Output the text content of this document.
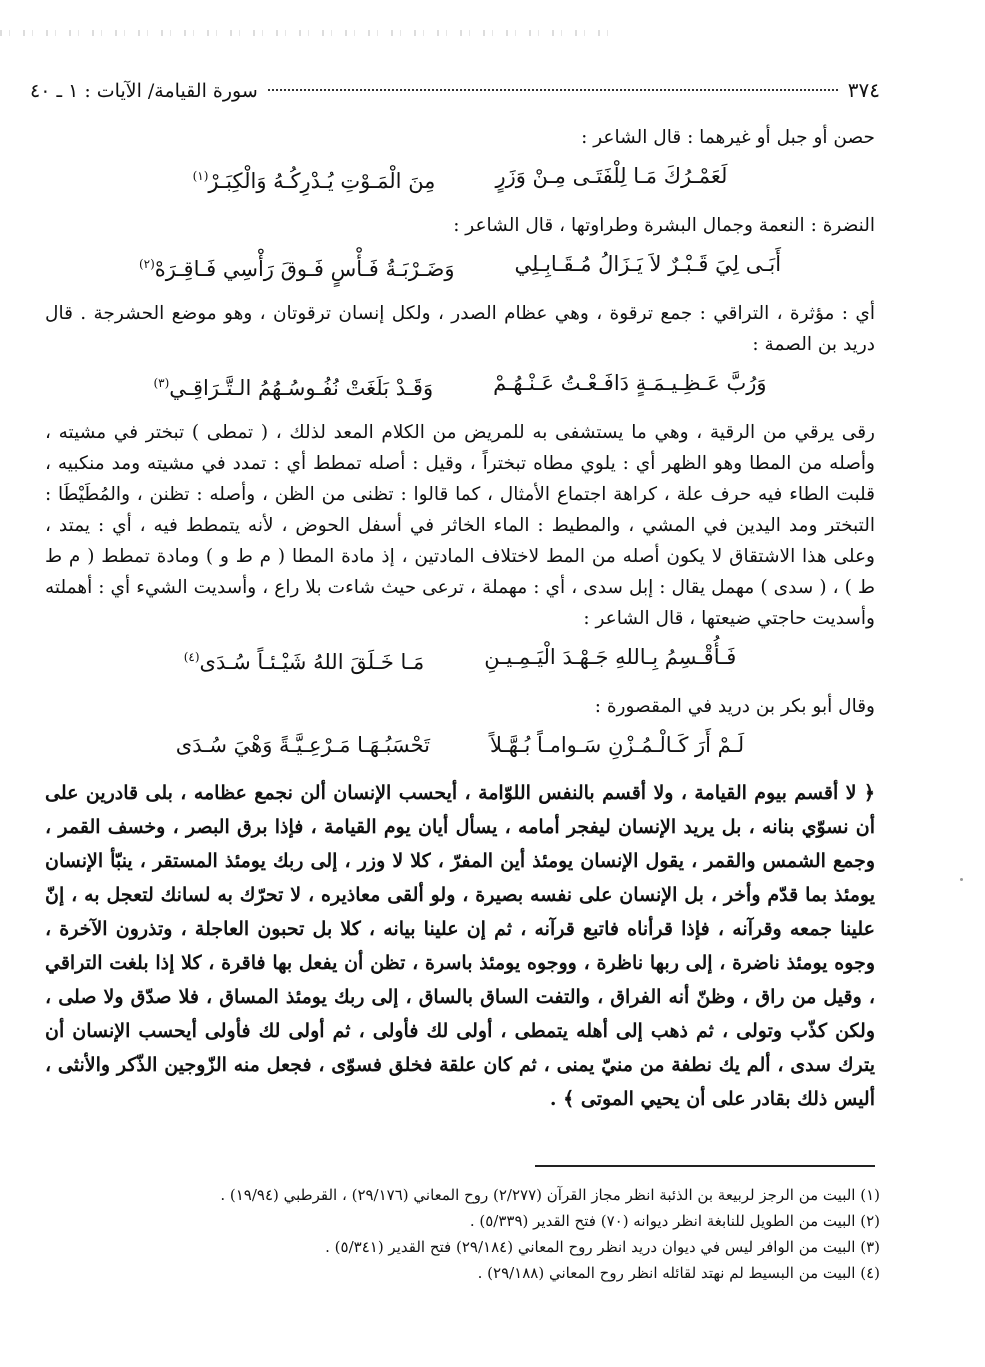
٣٧٤
سورة القيامة/ الآيات : ١ ـ ٤٠

حصن أو جبل أو غيرهما : قال الشاعر :

لَعَمْـرُكَ مَـا لِلْفَتَـى مِـنْ وَزَرٍ
مِنَ الْمَـوْتِ يُـدْرِكُـهُ وَالْكِبَـرْ$^{(١)}$

النضرة : النعمة وجمال البشرة وطراوتها ، قال الشاعر :

أَبَـى لِيَ قَـبْـرٌ لاَ يَـزَالُ مُـقَـابِـلِي
وَضَـرْبَـةُ فَـأْسٍ فَـوقَ رَأْسِي فَـاقِـرَهْ$^{(٢)}$

أي : مؤثرة ، التراقي : جمع ترقوة ، وهي عظام الصدر ، ولكل إنسان ترقوتان ، وهو موضع الحشرجة . قال دريد بن الصمة :

وَرُبَّ عَـظِـيـمَـةٍ دَافَـعْـتُ عَـنْـهُـمْ
وَقَـدْ بَلَغَتْ نُفُـوسُـهُمُ الـتَّـرَاقِـي$^{(٣)}$

رقى يرقي من الرقية ، وهي ما يستشفى به للمريض من الكلام المعد لذلك ، ( تمطى ) تبختر في مشيته ، وأصله من المطا وهو الظهر أي : يلوي مطاه تبختراً ، وقيل : أصله تمطط أي : تمدد في مشيته ومد منكبيه ، قلبت الطاء فيه حرف علة ، كراهة اجتماع الأمثال ، كما قالوا : تظنى من الظن ، وأصله : تظنن ، والمُطَيْطَا : التبختر ومد اليدين في المشي ، والمطيط : الماء الخاثر في أسفل الحوض ، لأنه يتمطط فيه ، أي : يمتد ، وعلى هذا الاشتقاق لا يكون أصله من المط لاختلاف المادتين ، إذ مادة المطا ( م ط و ) ومادة تمطط ( م ط ط ) ، ( سدى ) مهمل يقال : إبل سدى ، أي : مهملة ، ترعى حيث شاءت بلا راع ، وأسديت الشيء أي : أهملته وأسديت حاجتي ضيعتها ، قال الشاعر :

فَـأُقْـسِمُ بِـاللهِ جَـهْـدَ الْيَـمِـيـنِ
مَـا خَـلَقَ اللهُ شَيْـئـاً سُـدَى$^{(٤)}$

وقال أبو بكر بن دريد في المقصورة :

لَـمْ أَرَ كَـالْـمُـزْنِ سَـوامـاً بُـهَّـلاً
تَحْسَبُـهَـا مَـرْعِـيَّـةً وَهْيَ سُـدَى

﴿ لا أقسم بيوم القيامة ، ولا أقسم بالنفس اللوّامة ، أيحسب الإنسان ألن نجمع عظامه ، بلى قادرين على أن نسوّي بنانه ، بل يريد الإنسان ليفجر أمامه ، يسأل أيان يوم القيامة ، فإذا برق البصر ، وخسف القمر ، وجمع الشمس والقمر ، يقول الإنسان يومئذ أين المفرّ ، كلا لا وزر ، إلى ربك يومئذ المستقر ، ينبّأ الإنسان يومئذ بما قدّم وأخر ، بل الإنسان على نفسه بصيرة ، ولو ألقى معاذيره ، لا تحرّك به لسانك لتعجل به ، إنّ علينا جمعه وقرآنه ، فإذا قرأناه فاتبع قرآنه ، ثم إن علينا بيانه ، كلا بل تحبون العاجلة ، وتذرون الآخرة ، وجوه يومئذ ناضرة ، إلى ربها ناظرة ، ووجوه يومئذ باسرة ، تظن أن يفعل بها فاقرة ، كلا إذا بلغت التراقي ، وقيل من راق ، وظنّ أنه الفراق ، والتفت الساق بالساق ، إلى ربك يومئذ المساق ، فلا صدّق ولا صلى ، ولكن كذّب وتولى ، ثم ذهب إلى أهله يتمطى ، أولى لك فأولى ، ثم أولى لك فأولى أيحسب الإنسان أن يترك سدى ، ألم يك نطفة من منيّ يمنى ، ثم كان علقة فخلق فسوّى ، فجعل منه الزّوجين الذّكر والأنثى ، أليس ذلك بقادر على أن يحيي الموتى ﴾ .

(١) البيت من الرجز لربيعة بن الذئبة انظر مجاز القرآن (٢/٢٧٧) روح المعاني (٢٩/١٧٦) ، القرطبي (١٩/٩٤) .
(٢) البيت من الطويل للنابغة انظر ديوانه (٧٠) فتح القدير (٥/٣٣٩) .
(٣) البيت من الوافر ليس في ديوان دريد انظر روح المعاني (٢٩/١٨٤) فتح القدير (٥/٣٤١) .
(٤) البيت من البسيط لم نهتد لقائله انظر روح المعاني (٢٩/١٨٨) .
